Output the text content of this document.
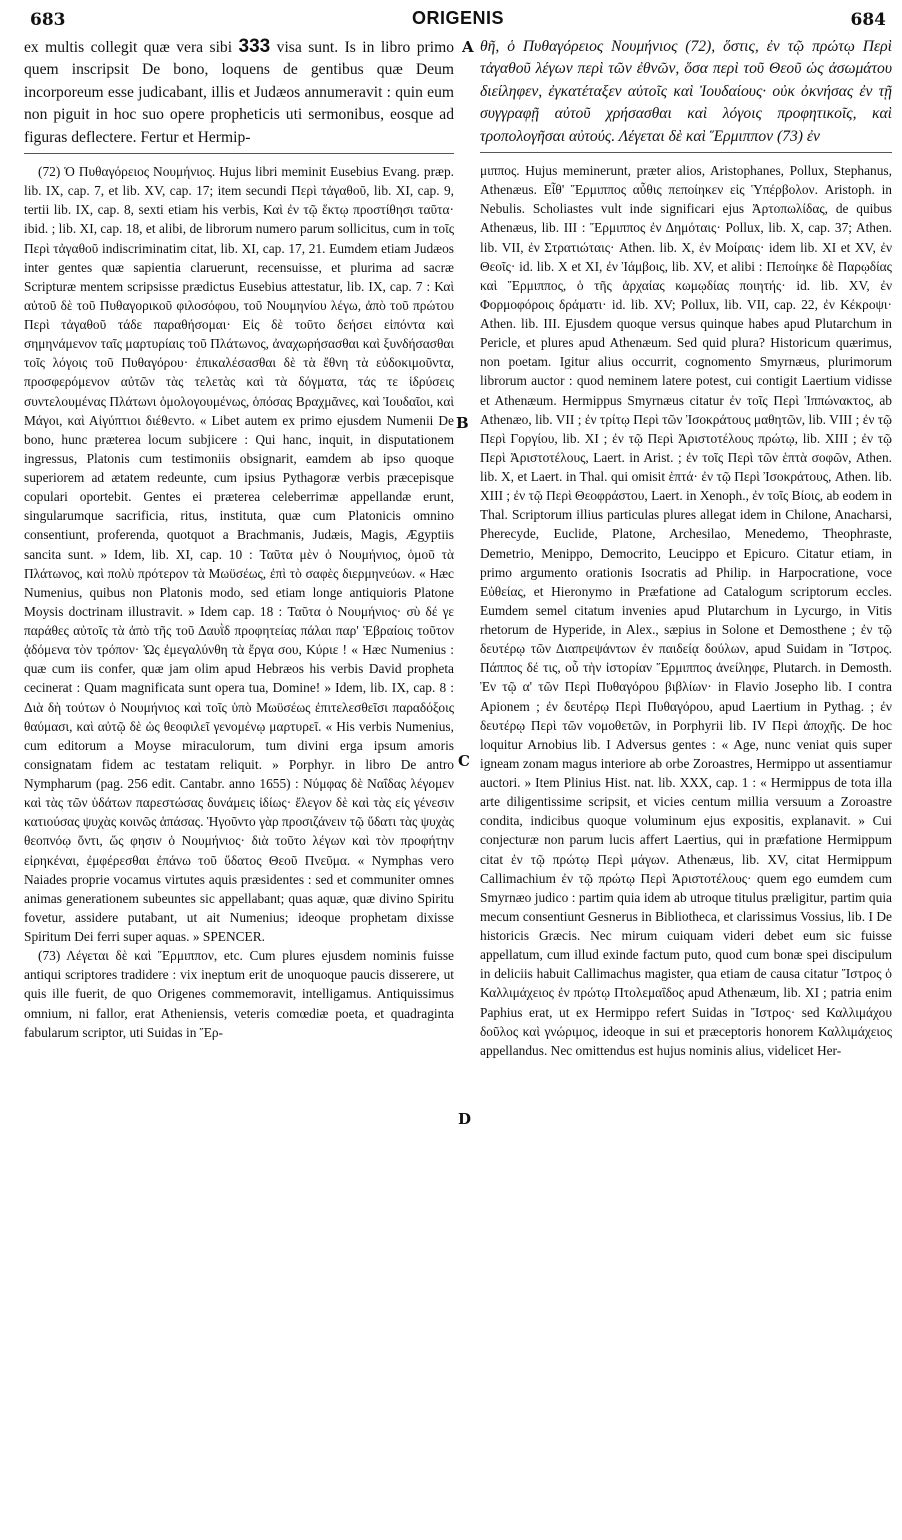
683	ORIGENIS	684
A
B
C
D

ex multis collegit quæ vera sibi 333 visa sunt. Is in libro primo quem inscripsit De bono, loquens de gentibus quæ Deum incorporeum esse judicabant, illis et Judæos annumeravit : quin eum non piguit in hoc suo opere propheticis uti sermonibus, eosque ad figuras deflectere. Fertur et Hermip-

(72) Ὁ Πυθαγόρειος Νουμήνιος. Hujus libri meminit Eusebius Evang. præp. lib. IX, cap. 7, et lib. XV, cap. 17; item secundi Περὶ τἀγαθοῦ, lib. XI, cap. 9, tertii lib. IX, cap. 8, sexti etiam his verbis, Καὶ ἐν τῷ ἕκτῳ προστίθησι ταῦτα· ibid. ; lib. XI, cap. 18, et alibi, de librorum numero parum sollicitus, cum in τοῖς Περὶ τἀγαθοῦ indiscriminatim citat, lib. XI, cap. 17, 21. Eumdem etiam Judæos inter gentes quæ sapientia claruerunt, recensuisse, et plurima ad sacræ Scripturæ mentem scripsisse prædictus Eusebius attestatur, lib. IX, cap. 7 : Καὶ αὐτοῦ δὲ τοῦ Πυθαγορικοῦ φιλοσόφου, τοῦ Νουμηνίου λέγω, ἀπὸ τοῦ πρώτου Περὶ τἀγαθοῦ τάδε παραθήσομαι· Εἰς δὲ τοῦτο δεήσει εἰπόντα καὶ σημηνάμενον ταῖς μαρτυρίαις τοῦ Πλάτωνος, ἀναχωρήσασθαι καὶ ξυνδήσασθαι τοῖς λόγοις τοῦ Πυθαγόρου· ἐπικαλέσασθαι δὲ τὰ ἔθνη τὰ εὐδοκιμοῦντα, προσφερόμενον αὐτῶν τὰς τελετὰς καὶ τὰ δόγματα, τάς τε ἱδρύσεις συντελουμένας Πλάτωνι ὁμολογουμένως, ὁπόσας Βραχμᾶνες, καὶ Ἰουδαῖοι, καὶ Μάγοι, καὶ Αἰγύπτιοι διέθεντο. « Libet autem ex primo ejusdem Numenii De bono, hunc præterea locum subjicere : Qui hanc, inquit, in disputationem ingressus, Platonis cum testimoniis obsignarit, eamdem ab ipso quoque superiorem ad ætatem redeunte, cum ipsius Pythagoræ verbis præcepisque copulari oportebit. Gentes ei præterea celeberrimæ appellandæ erunt, singularumque sacrificia, ritus, instituta, quæ cum Platonicis omnino consentiunt, proferenda, quotquot a Brachmanis, Judæis, Magis, Ægyptiis sancita sunt. » Idem, lib. XI, cap. 10 : Ταῦτα μὲν ὁ Νουμήνιος, ὁμοῦ τὰ Πλάτωνος, καὶ πολὺ πρότερον τὰ Μωϋσέως, ἐπὶ τὸ σαφὲς διερμηνεύων. « Hæc Numenius, quibus non Platonis modo, sed etiam longe antiquioris Platone Moysis doctrinam illustravit. » Idem cap. 18 : Ταῦτα ὁ Νουμήνιος· σὺ δέ γε παράθες αὐτοῖς τὰ ἀπὸ τῆς τοῦ Δαυῒδ προφητείας πάλαι παρ' Ἑβραίοις τοῦτον ᾀδόμενα τὸν τρόπον· Ὡς ἐμεγαλύνθη τὰ ἔργα σου, Κύριε ! « Hæc Numenius : quæ cum iis confer, quæ jam olim apud Hebræos his verbis David propheta cecinerat : Quam magnificata sunt opera tua, Domine! » Idem, lib. IX, cap. 8 : Διὰ δὴ τούτων ὁ Νουμήνιος καὶ τοῖς ὑπὸ Μωϋσέως ἐπιτελεσθεῖσι παραδόξοις θαύμασι, καὶ αὐτῷ δὲ ὡς θεοφιλεῖ γενομένῳ μαρτυρεῖ. « His verbis Numenius, cum editorum a Moyse miraculorum, tum divini erga ipsum amoris consignatam fidem ac testatam reliquit. » Porphyr. in libro De antro Nympharum (pag. 256 edit. Cantabr. anno 1655) : Νύμφας δὲ Ναΐδας λέγομεν καὶ τὰς τῶν ὑδάτων παρεστώσας δυνάμεις ἰδίως· ἔλεγον δὲ καὶ τὰς εἰς γένεσιν κατιούσας ψυχὰς κοινῶς ἁπάσας. Ἡγοῦντο γὰρ προσιζάνειν τῷ ὕδατι τὰς ψυχὰς θεοπνόῳ ὄντι, ὥς φησιν ὁ Νουμήνιος· διὰ τοῦτο λέγων καὶ τὸν προφήτην εἰρηκέναι, ἐμφέρεσθαι ἐπάνω τοῦ ὕδατος Θεοῦ Πνεῦμα. « Nymphas vero Naiades proprie vocamus virtutes aquis præsidentes : sed et communiter omnes animas generationem subeuntes sic appellabant; quas aquæ, quæ divino Spiritu fovetur, assidere putabant, ut ait Numenius; ideoque prophetam dixisse Spiritum Dei ferri super aquas. » SPENCER.

(73) Λέγεται δὲ καὶ Ἕρμιππον, etc. Cum plures ejusdem nominis fuisse antiqui scriptores tradidere : vix ineptum erit de unoquoque paucis disserere, ut quis ille fuerit, de quo Origenes commemoravit, intelligamus. Antiquissimus omnium, ni fallor, erat Atheniensis, veteris comœdiæ poeta, et quadraginta fabularum scriptor, uti Suidas in Ἕρ-

θῆ, ὁ Πυθαγόρειος Νουμήνιος (72), ὅστις, ἐν τῷ πρώτῳ Περὶ τἀγαθοῦ λέγων περὶ τῶν ἐθνῶν, ὅσα περὶ τοῦ Θεοῦ ὡς ἀσωμάτου διείληφεν, ἐγκατέταξεν αὐτοῖς καὶ Ἰουδαίους· οὐκ ὀκνήσας ἐν τῇ συγγραφῇ αὐτοῦ χρήσασθαι καὶ λόγοις προφητικοῖς, καὶ τροπολογῆσαι αὐτούς. Λέγεται δὲ καὶ Ἕρμιππον (73) ἐν

μιππος. Hujus meminerunt, præter alios, Aristophanes, Pollux, Stephanus, Athenæus. Εἶθ' Ἕρμιππος αὖθις πεποίηκεν εἰς Ὑπέρβολον. Aristoph. in Nebulis. Scholiastes vult inde significari ejus Ἀρτοπωλίδας, de quibus Athenæus, lib. III : Ἕρμιππος ἐν Δημόταις· Pollux, lib. X, cap. 37; Athen. lib. VII, ἐν Στρατιώταις· Athen. lib. X, ἐν Μοίραις· idem lib. XI et XV, ἐν Θεοῖς· id. lib. X et XI, ἐν Ἰάμβοις, lib. XV, et alibi : Πεποίηκε δὲ Παρῳδίας καὶ Ἕρμιππος, ὁ τῆς ἀρχαίας κωμῳδίας ποιητής· id. lib. XV, ἐν Φορμοφόροις δράματι· id. lib. XV; Pollux, lib. VII, cap. 22, ἐν Κέκροψι· Athen. lib. III. Ejusdem quoque versus quinque habes apud Plutarchum in Pericle, et plures apud Athenæum. Sed quid plura? Historicum quærimus, non poetam. Igitur alius occurrit, cognomento Smyrnæus, plurimorum librorum auctor : quod neminem latere potest, cui contigit Laertium vidisse et Athenæum. Hermippus Smyrnæus citatur ἐν τοῖς Περὶ Ἱππώνακτος, ab Athenæo, lib. VII ; ἐν τρίτῳ Περὶ τῶν Ἰσοκράτους μαθητῶν, lib. VIII ; ἐν τῷ Περὶ Γοργίου, lib. XI ; ἐν τῷ Περὶ Ἀριστοτέλους πρώτῳ, lib. XIII ; ἐν τῷ Περὶ Ἀριστοτέλους, Laert. in Arist. ; ἐν τοῖς Περὶ τῶν ἑπτὰ σοφῶν, Athen. lib. X, et Laert. in Thal. qui omisit ἑπτά· ἐν τῷ Περὶ Ἰσοκράτους, Athen. lib. XIII ; ἐν τῷ Περὶ Θεοφράστου, Laert. in Xenoph., ἐν τοῖς Βίοις, ab eodem in Thal. Scriptorum illius particulas plures allegat idem in Chilone, Anacharsi, Pherecyde, Euclide, Platone, Archesilao, Menedemo, Theophraste, Demetrio, Menippo, Democrito, Leucippo et Epicuro. Citatur etiam, in primo argumento orationis Isocratis ad Philip. in Harpocratione, voce Εὐθείας, et Hieronymo in Præfatione ad Catalogum scriptorum eccles. Eumdem semel citatum invenies apud Plutarchum in Lycurgo, in Vitis rhetorum de Hyperide, in Alex., sæpius in Solone et Demosthene ; ἐν τῷ δευτέρῳ τῶν Διαπρεψάντων ἐν παιδείᾳ δούλων, apud Suidam in Ἴστρος. Πάππος δέ τις, οὗ τὴν ἱστορίαν Ἕρμιππος ἀνείληφε, Plutarch. in Demosth. Ἐν τῷ α' τῶν Περὶ Πυθαγόρου βιβλίων· in Flavio Josepho lib. I contra Apionem ; ἐν δευτέρῳ Περὶ Πυθαγόρου, apud Laertium in Pythag. ; ἐν δευτέρῳ Περὶ τῶν νομοθετῶν, in Porphyrii lib. IV Περὶ ἀποχῆς. De hoc loquitur Arnobius lib. I Adversus gentes : « Age, nunc veniat quis super igneam zonam magus interiore ab orbe Zoroastres, Hermippo ut assentiamur auctori. » Item Plinius Hist. nat. lib. XXX, cap. 1 : « Hermippus de tota illa arte diligentissime scripsit, et vicies centum millia versuum a Zoroastre condita, indicibus quoque voluminum ejus expositis, explanavit. » Cui conjecturæ non parum lucis affert Laertius, qui in præfatione Hermippum citat ἐν τῷ πρώτῳ Περὶ μάγων. Athenæus, lib. XV, citat Hermippum Callimachium ἐν τῷ πρώτῳ Περὶ Ἀριστοτέλους· quem ego eumdem cum Smyrnæo judico : partim quia idem ab utroque titulus præligitur, partim quia mecum consentiunt Gesnerus in Bibliotheca, et clarissimus Vossius, lib. I De historicis Græcis. Nec mirum cuiquam videri debet eum sic fuisse appellatum, cum illud exinde factum puto, quod cum bonæ spei discipulum in deliciis habuit Callimachus magister, qua etiam de causa citatur Ἴστρος ὁ Καλλιμάχειος ἐν πρώτῳ Πτολεμαΐδος apud Athenæum, lib. XI ; patria enim Paphius erat, ut ex Hermippo refert Suidas in Ἴστρος· sed Καλλιμάχου δοῦλος καὶ γνώριμος, ideoque in sui et præceptoris honorem Καλλιμάχειος appellandus. Nec omittendus est hujus nominis alius, videlicet Her-
